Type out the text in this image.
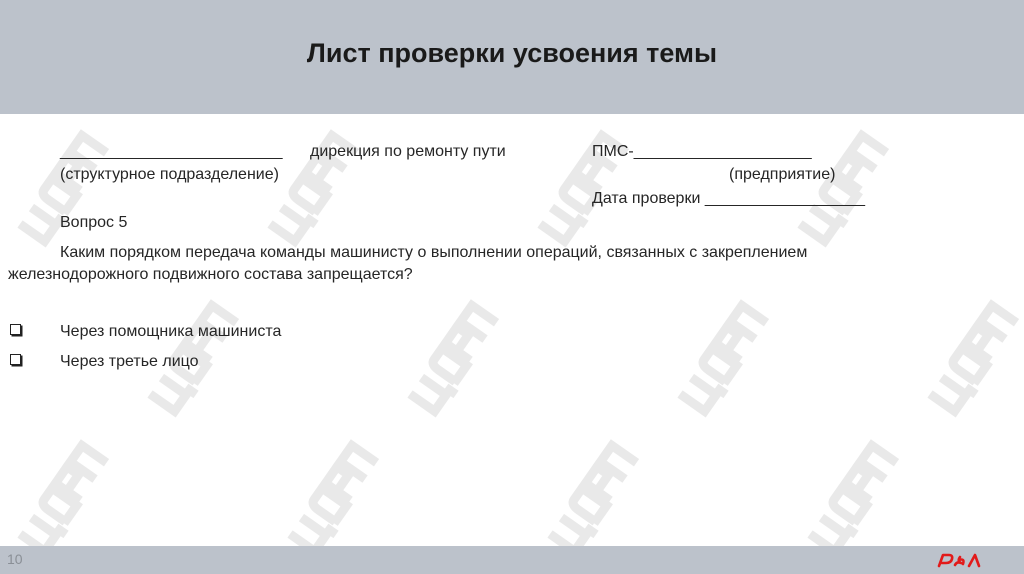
Лист проверки усвоения темы
_________________________ дирекция по ремонту пути
(структурное подразделение)
ПМС-____________________
(предприятие)
Дата проверки __________________
Вопрос 5
Каким порядком передача команды машинисту о выполнении операций, связанных с закреплением
железнодорожного подвижного состава запрещается?
Через помощника машиниста
Через третье лицо
10
